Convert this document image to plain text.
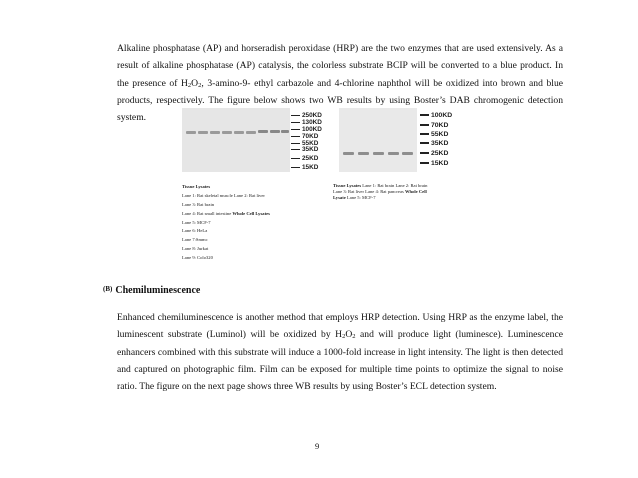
Alkaline phosphatase (AP) and horseradish peroxidase (HRP) are the two enzymes that are used extensively. As a result of alkaline phosphatase (AP) catalysis, the colorless substrate BCIP will be converted to a blue product. In the presence of $H_2O_2$, 3-amino-9- ethyl carbazole and 4-chlorine naphthol will be oxidized into brown and blue products, respectively. The figure below shows two WB results by using Boster’s DAB chromogenic detection system.	250KD
130KD
100KD
70KD
55KD
35KD
25KD
15KD
100KD
70KD
55KD
35KD
25KD
15KD
Tissue Lysates
Lane 1: Rat skeletal muscle Lane 2: Rat liver
Lane 3: Rat brain
Lane 4: Rat small intestine Whole Cell Lysates
Lane 5: MCF-7
Lane 6: HeLa
Lane 7:Smmc
Lane 8: Jurkat
Lane 9: Colo320
Tissue Lysates Lane 1: Rat brain Lane 2: Rat brain Lane 3: Rat liver Lane 4: Rat pancreas Whole Cell Lysate Lane 5: MCF-7
$^{(B)}$ Chemiluminescence

Enhanced chemiluminescence is another method that employs HRP detection. Using HRP as the enzyme label, the luminescent substrate (Luminol) will be oxidized by $H_2O_2$ and will produce light (luminesce). Luminescence enhancers combined with this substrate will induce a 1000-fold increase in light intensity. The light is then detected and captured on photographic film. Film can be exposed for multiple time points to optimize the signal to noise ratio. The figure on the next page shows three WB results by using Boster’s ECL detection system.

9
